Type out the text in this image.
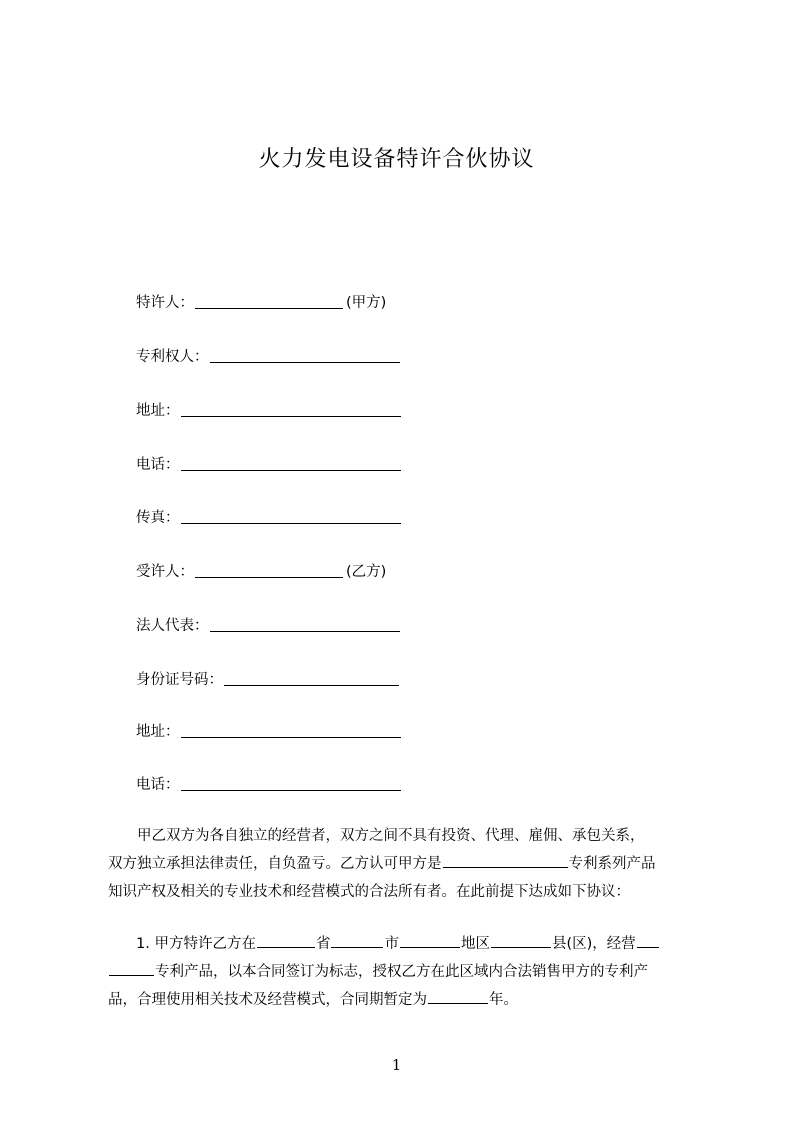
火力发电设备特许合伙协议
特许人：	(甲方)
专利权人：
地址：
电话：
传真：
受许人：	(乙方)
法人代表：
身份证号码：
地址：
电话：
甲乙双方为各自独立的经营者，双方之间不具有投资、代理、雇佣、承包关系，
双方独立承担法律责任，自负盈亏。乙方认可甲方是	专利系列产品
知识产权及相关的专业技术和经营模式的合法所有者。在此前提下达成如下协议：
1. 甲方特许乙方在	省	市	地区	县(区)，经营
专利产品，以本合同签订为标志，授权乙方在此区域内合法销售甲方的专利产
品，合理使用相关技术及经营模式，合同期暂定为	年。
1
